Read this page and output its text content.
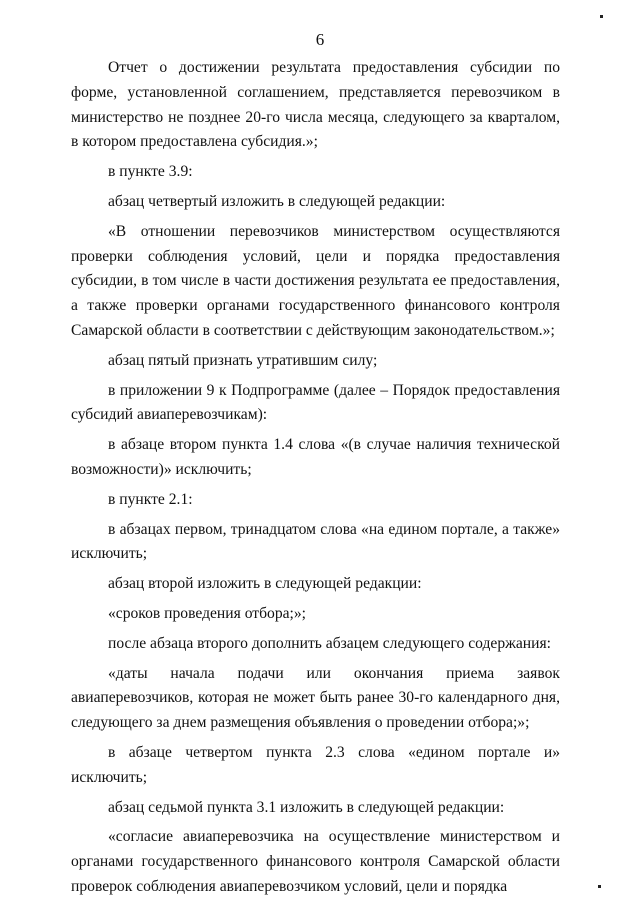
6

Отчет о достижении результата предоставления субсидии по форме, установленной соглашением, представляется перевозчиком в министерство не позднее 20-го числа месяца, следующего за кварталом, в котором предоставлена субсидия.»;

в пункте 3.9:

абзац четвертый изложить в следующей редакции:

«В отношении перевозчиков министерством осуществляются проверки соблюдения условий, цели и порядка предоставления субсидии, в том числе в части достижения результата ее предоставления, а также проверки органами государственного финансового контроля Самарской области в соответствии с действующим законодательством.»;

абзац пятый признать утратившим силу;

в приложении 9 к Подпрограмме (далее – Порядок предоставления субсидий авиаперевозчикам):

в абзаце втором пункта 1.4 слова «(в случае наличия технической возможности)» исключить;

в пункте 2.1:

в абзацах первом, тринадцатом слова «на едином портале, а также» исключить;

абзац второй изложить в следующей редакции:

«сроков проведения отбора;»;

после абзаца второго дополнить абзацем следующего содержания:

«даты начала подачи или окончания приема заявок авиаперевозчиков, которая не может быть ранее 30-го календарного дня, следующего за днем размещения объявления о проведении отбора;»;

в абзаце четвертом пункта 2.3 слова «едином портале и» исключить;

абзац седьмой пункта 3.1 изложить в следующей редакции:

«согласие авиаперевозчика на осуществление министерством и органами государственного финансового контроля Самарской области проверок соблюдения авиаперевозчиком условий, цели и порядка
